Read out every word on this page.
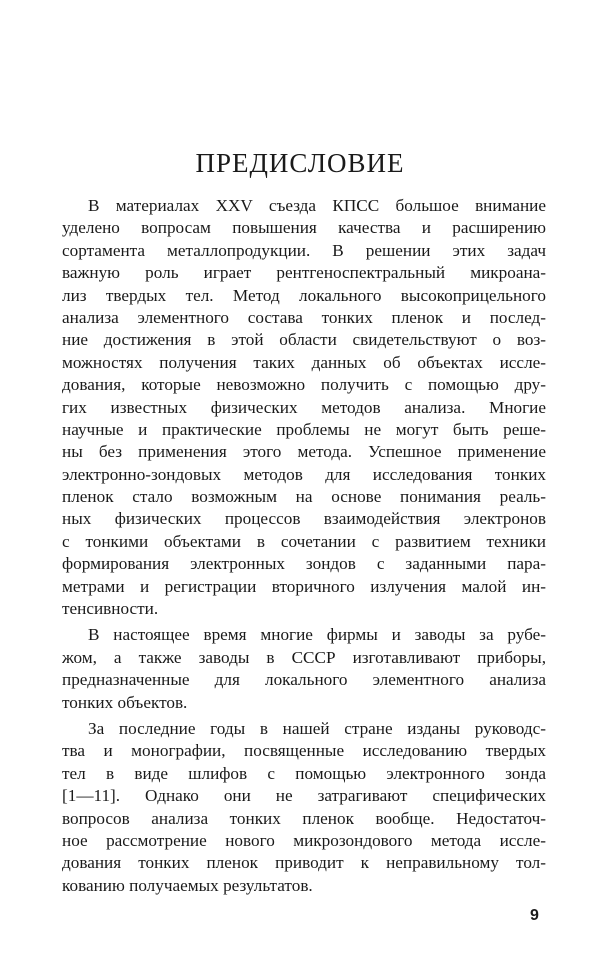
ПРЕДИСЛОВИЕ
В материалах XXV съезда КПСС большое внимание
уделено вопросам повышения качества и расширению
сортамента металлопродукции. В решении этих задач
важную роль играет рентгеноспектральный микроана-
лиз твердых тел. Метод локального высокоприцельного
анализа элементного состава тонких пленок и послед-
ние достижения в этой области свидетельствуют о воз-
можностях получения таких данных об объектах иссле-
дования, которые невозможно получить с помощью дру-
гих известных физических методов анализа. Многие
научные и практические проблемы не могут быть реше-
ны без применения этого метода. Успешное применение
электронно-зондовых методов для исследования тонких
пленок стало возможным на основе понимания реаль-
ных физических процессов взаимодействия электронов
с тонкими объектами в сочетании с развитием техники
формирования электронных зондов с заданными пара-
метрами и регистрации вторичного излучения малой ин-
тенсивности.
В настоящее время многие фирмы и заводы за рубе-
жом, а также заводы в СССР изготавливают приборы,
предназначенные для локального элементного анализа
тонких объектов.
За последние годы в нашей стране изданы руководс-
тва и монографии, посвященные исследованию твердых
тел в виде шлифов с помощью электронного зонда
[1—11]. Однако они не затрагивают специфических
вопросов анализа тонких пленок вообще. Недостаточ-
ное рассмотрение нового микрозондового метода иссле-
дования тонких пленок приводит к неправильному тол-
кованию получаемых результатов.
9
